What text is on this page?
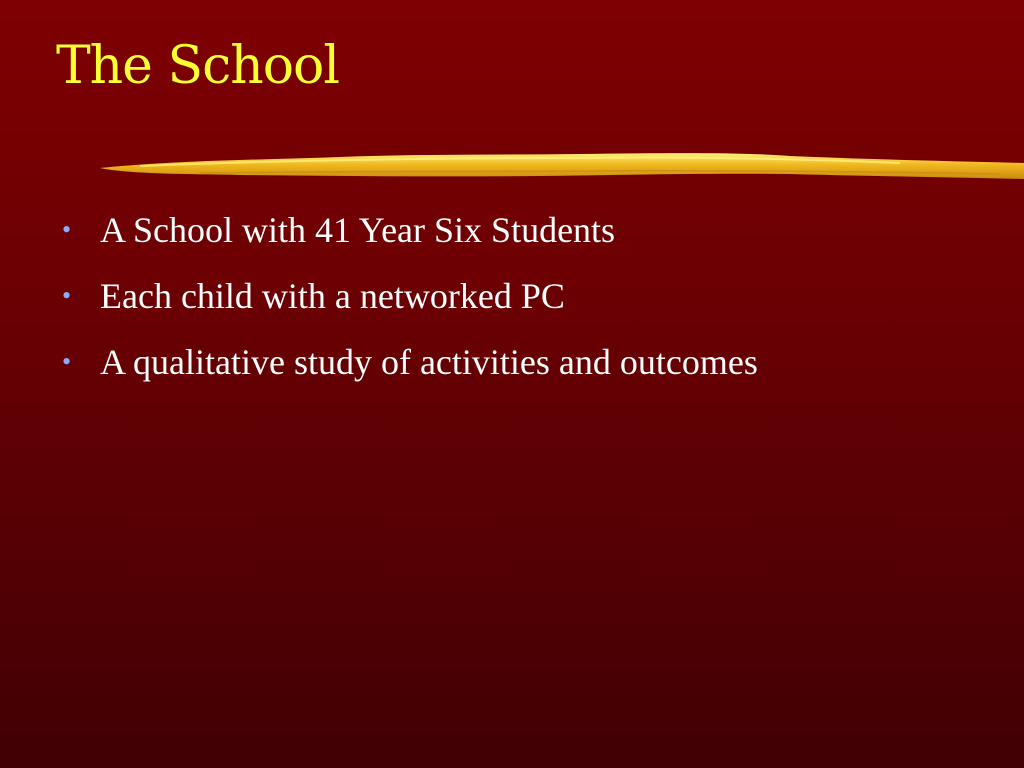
The School
• A School with 41 Year Six Students
• Each child with a networked PC
• A qualitative study of activities and outcomes
